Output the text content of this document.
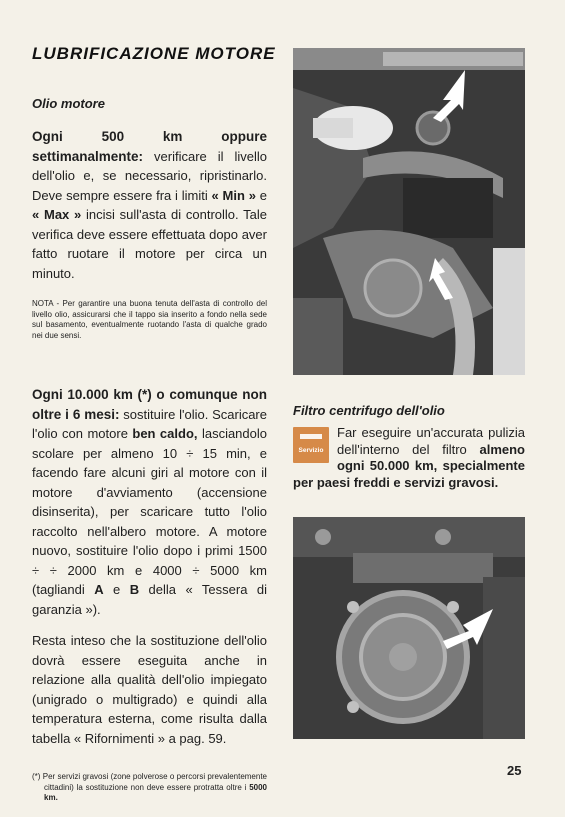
LUBRIFICAZIONE MOTORE
Olio motore

Ogni 500 km oppure settimanalmente: verificare il livello dell'olio e, se necessario, ripristinarlo. Deve sempre essere fra i limiti « Min » e « Max » incisi sull'asta di controllo. Tale verifica deve essere effettuata dopo aver fatto ruotare il motore per circa un minuto.

NOTA - Per garantire una buona tenuta dell'asta di controllo del livello olio, assicurarsi che il tappo sia inserito a fondo nella sede sul basamento, eventualmente ruotando l'asta di qualche grado nei due sensi.

Ogni 10.000 km (*) o comunque non oltre i 6 mesi: sostituire l'olio. Scaricare l'olio con motore ben caldo, lasciandolo scolare per almeno 10 ÷ 15 min, e facendo fare alcuni giri al motore con il motore d'avviamento (accensione disinserita), per scaricare tutto l'olio raccolto nell'albero motore. A motore nuovo, sostituire l'olio dopo i primi 1500 ÷ ÷ 2000 km e 4000 ÷ 5000 km (tagliandi A e B della « Tessera di garanzia »).

Resta inteso che la sostituzione dell'olio dovrà essere eseguita anche in relazione alla qualità dell'olio impiegato (unigrado o multigrado) e quindi alla temperatura esterna, come risulta dalla tabella « Rifornimenti » a pag. 59.

(*) Per servizi gravosi (zone polverose o percorsi prevalentemente cittadini) la sostituzione non deve essere protratta oltre i 5000 km.

Filtro centrifugo dell'olio
Servizio

Far eseguire un'accurata pulizia dell'interno del filtro almeno ogni 50.000 km, specialmente per paesi freddi e servizi gravosi.

25
